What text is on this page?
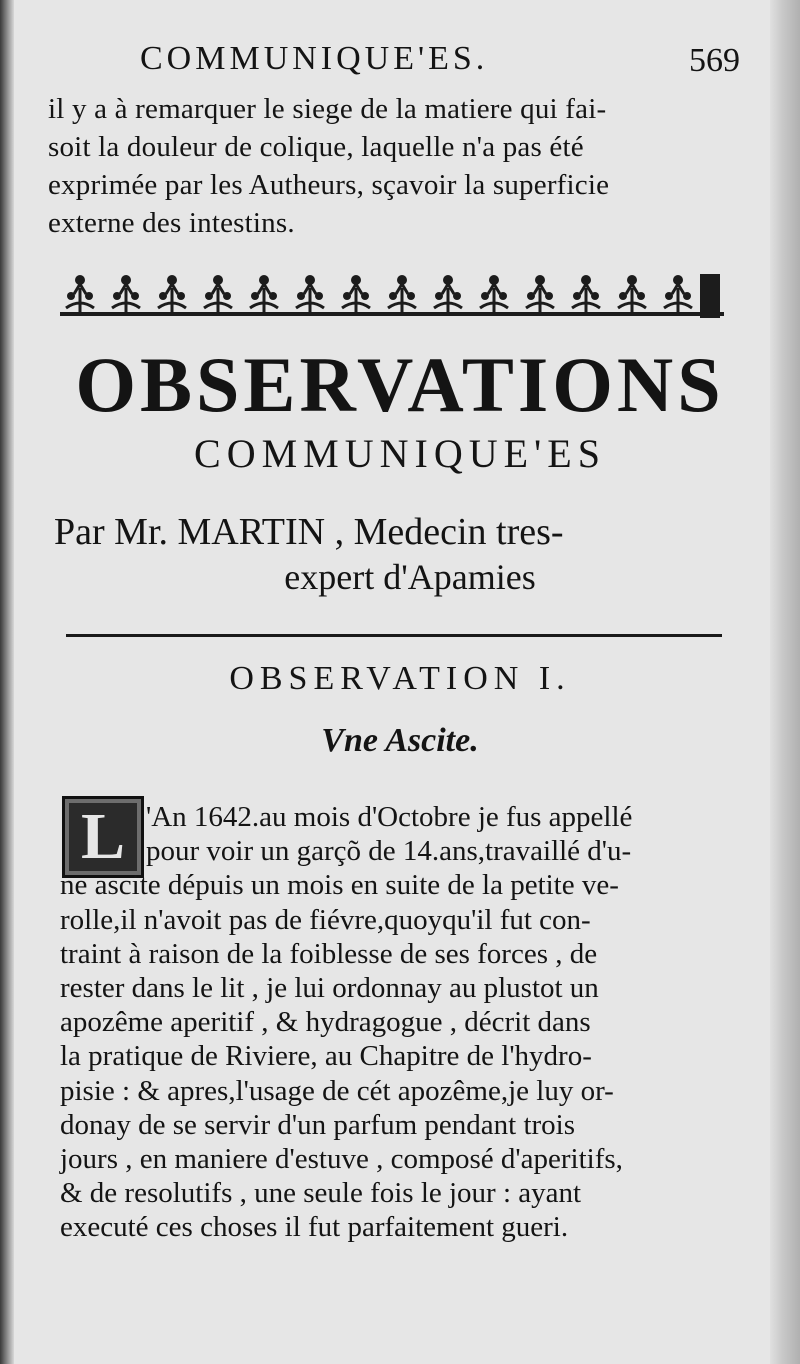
COMMUNIQUE'ES.	569
il y a à remarquer le siege de la matiere qui fai-
soit la douleur de colique, laquelle n'a pas été
exprimée par les Autheurs, sçavoir la superficie
externe des intestins.
OBSERVATIONS
COMMUNIQUE'ES
Par Mr. MARTIN , Medecin tres-
expert d'Apamies
OBSERVATION I.
Vne Ascite.
L 'An 1642.au mois d'Octobre je fus appellé
pour voir un garçõ de 14.ans,travaillé d'u-
ne ascite dépuis un mois en suite de la petite ve-
rolle,il n'avoit pas de fiévre,quoyqu'il fut con-
traint à raison de la foiblesse de ses forces , de
rester dans le lit , je lui ordonnay au plustot un
apozême aperitif , & hydragogue , décrit dans
la pratique de Riviere, au Chapitre de l'hydro-
pisie : & apres,l'usage de cét apozême,je luy or-
donay de se servir d'un parfum pendant trois
jours , en maniere d'estuve , composé d'aperitifs,
& de resolutifs , une seule fois le jour : ayant
executé ces choses il fut parfaitement gueri.
